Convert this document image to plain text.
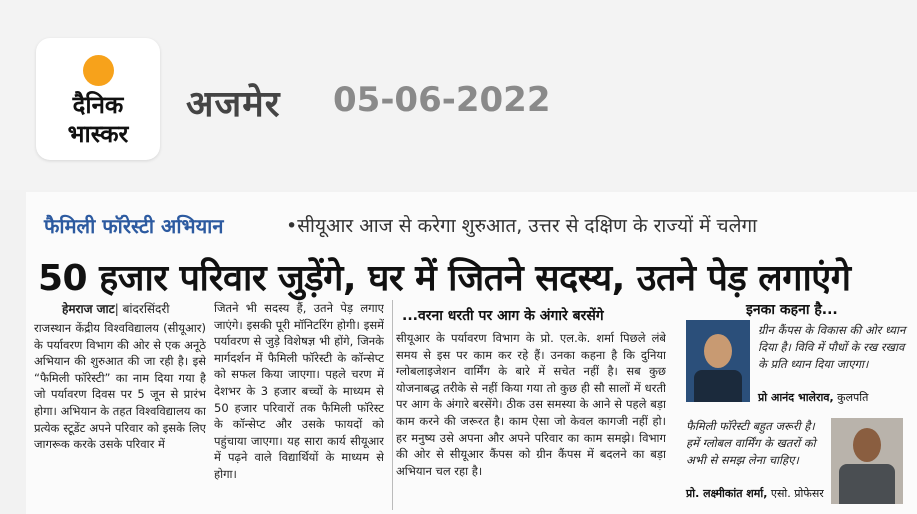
दैनिक
भास्कर
अजमेर 05-06-2022
फैमिली फॉरेस्टी अभियान	•सीयूआर आज से करेगा शुरुआत, उत्तर से दक्षिण के राज्यों में चलेगा
50 हजार परिवार जुड़ेंगे, घर में जितने सदस्य, उतने पेड़ लगाएंगे
हेमराज जाट| बांदरसिंदरी
राजस्थान केंद्रीय विश्वविद्यालय (सीयूआर) के पर्यावरण विभाग की ओर से एक अनूठे अभियान की शुरुआत की जा रही है। इसे “फैमिली फॉरेस्टी” का नाम दिया गया है जो पर्यावरण दिवस पर 5 जून से प्रारंभ होगा। अभियान के तहत विश्वविद्यालय का प्रत्येक स्टूडेंट अपने परिवार को इसके लिए जागरूक करके उसके परिवार में
जितने भी सदस्य हैं, उतने पेड़ लगाए जाएंगे। इसकी पूरी मॉनिटरिंग होगी। इसमें पर्यावरण से जुड़े विशेषज्ञ भी होंगे, जिनके मार्गदर्शन में फैमिली फॉरेस्टी के कॉन्सेप्ट को सफल किया जाएगा। पहले चरण में देशभर के 3 हजार बच्चों के माध्यम से 50 हजार परिवारों तक फैमिली फॉरेस्ट के कॉन्सेप्ट और उसके फायदों को पहुंचाया जाएगा। यह सारा कार्य सीयूआर में पढ़ने वाले विद्यार्थियों के माध्यम से होगा।
...वरना धरती पर आग के अंगारे बरसेंगे
सीयूआर के पर्यावरण विभाग के प्रो. एल.के. शर्मा पिछले लंबे समय से इस पर काम कर रहे हैं। उनका कहना है कि दुनिया ग्लोबलाइजेशन वार्मिंग के बारे में सचेत नहीं है। सब कुछ योजनाबद्ध तरीके से नहीं किया गया तो कुछ ही सौ सालों में धरती पर आग के अंगारे बरसेंगे। ठीक उस समस्या के आने से पहले बड़ा काम करने की जरूरत है। काम ऐसा जो केवल कागजी नहीं हो। हर मनुष्य उसे अपना और अपने परिवार का काम समझे। विभाग की ओर से सीयूआर कैंपस को ग्रीन कैंपस में बदलने का बड़ा अभियान चल रहा है।
इनका कहना है...
ग्रीन कैंपस के विकास की ओर ध्यान दिया है। विवि में पौधों के रख रखाव के प्रति ध्यान दिया जाएगा।
प्रो आनंद भालेराव, कुलपति
फैमिली फॉरेस्टी बहुत जरूरी है। हमें ग्लोबल वार्मिंग के खतरों को अभी से समझ लेना चाहिए।
प्रो. लक्ष्मीकांत शर्मा, एसो. प्रोफेसर
